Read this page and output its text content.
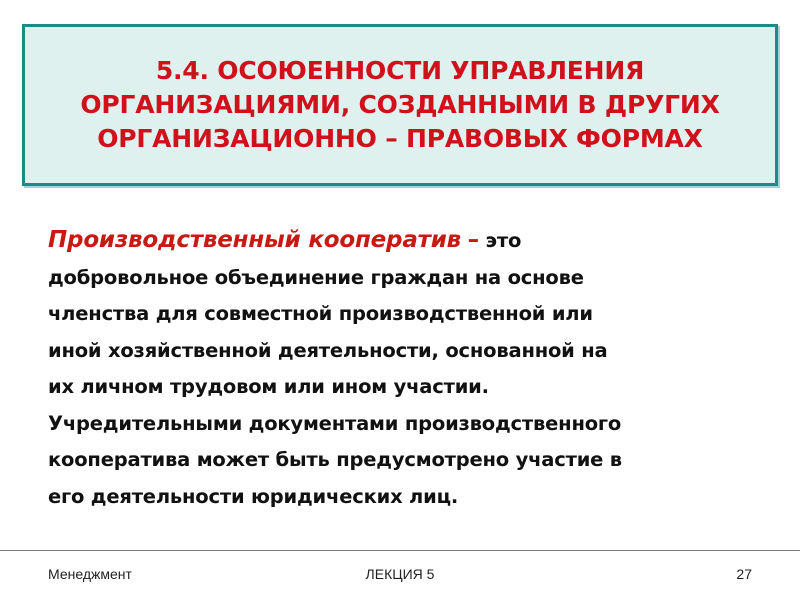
5.4. ОСОЮЕННОСТИ УПРАВЛЕНИЯ
ОРГАНИЗАЦИЯМИ, СОЗДАННЫМИ В ДРУГИХ
ОРГАНИЗАЦИОННО – ПРАВОВЫХ ФОРМАХ

Производственный кооператив – это
добровольное объединение граждан на основе
членства для совместной производственной или
иной хозяйственной деятельности, основанной на
их личном трудовом или ином участии.
Учредительными документами производственного
кооператива может быть предусмотрено участие в
его деятельности юридических лиц.

Менеджмент	ЛЕКЦИЯ 5	27
